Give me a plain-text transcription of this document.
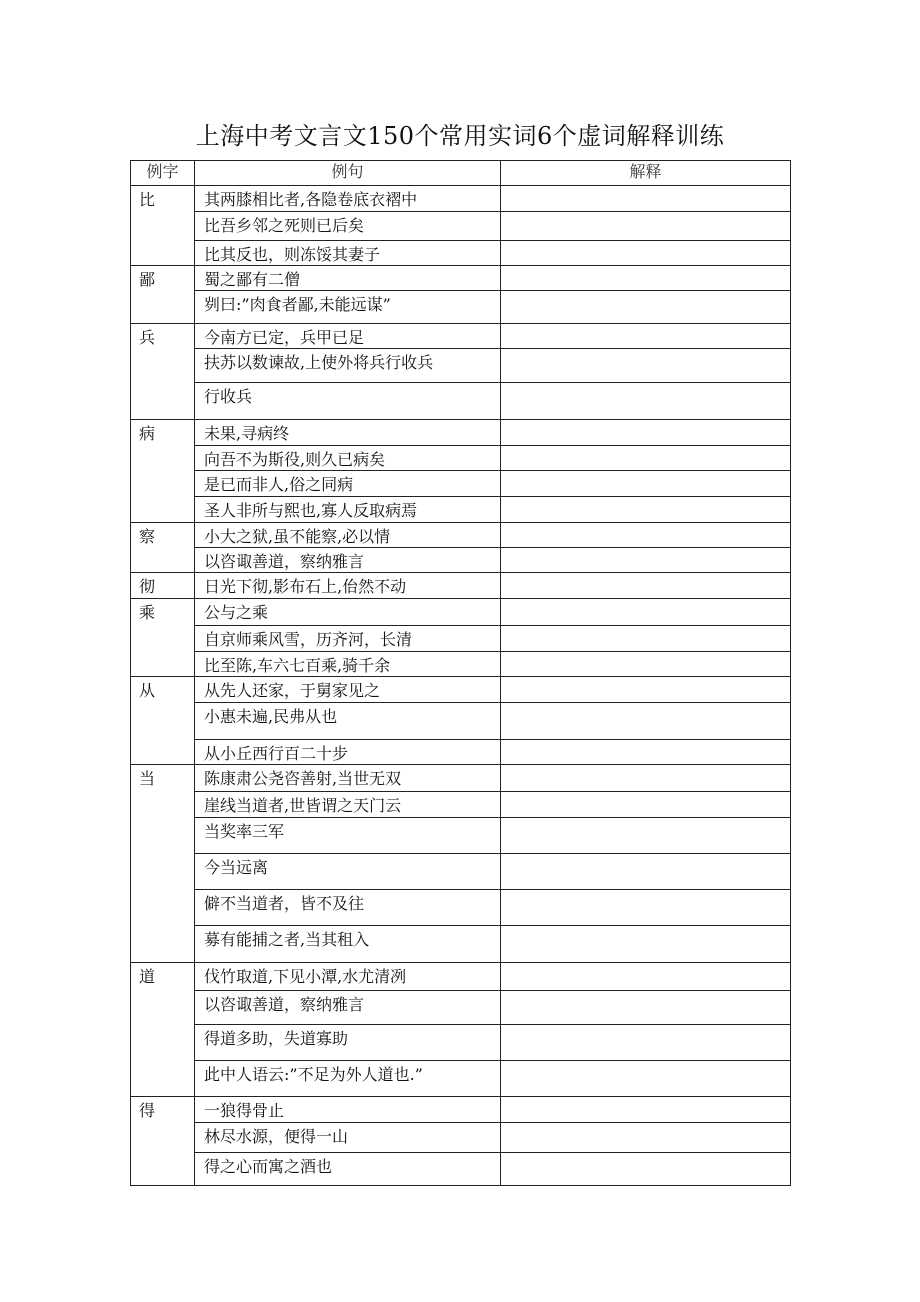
上海中考文言文150个常用实词6个虚词解释训练
例字	例句	解释
比	其两膝相比者,各隐卷底衣褶中	
	比吾乡邻之死则已后矣	
	比其反也，则冻馁其妻子	
鄙	蜀之鄙有二僧	
	刿曰:”肉食者鄙,未能远谋”	
兵	今南方已定，兵甲已足	
	扶苏以数谏故,上使外将兵行收兵	
	行收兵	
病	未果,寻病终	
	向吾不为斯役,则久已病矣	
	是已而非人,俗之同病	
	圣人非所与熙也,寡人反取病焉	
察	小大之狱,虽不能察,必以情	
	以咨诹善道，察纳雅言	
彻	日光下彻,影布石上,佁然不动	
乘	公与之乘	
	自京师乘风雪，历齐河，长清	
	比至陈,车六七百乘,骑千余	
从	从先人还家，于舅家见之	
	小惠未遍,民弗从也	
	从小丘西行百二十步	
当	陈康肃公尧咨善射,当世无双	
	崖线当道者,世皆谓之天门云	
	当奖率三军	
	今当远离	
	僻不当道者，皆不及往	
	募有能捕之者,当其租入	
道	伐竹取道,下见小潭,水尤清冽	
	以咨诹善道，察纳雅言	
	得道多助，失道寡助	
	此中人语云:”不足为外人道也.”	
得	一狼得骨止	
	林尽水源，便得一山	
	得之心而寓之酒也	
